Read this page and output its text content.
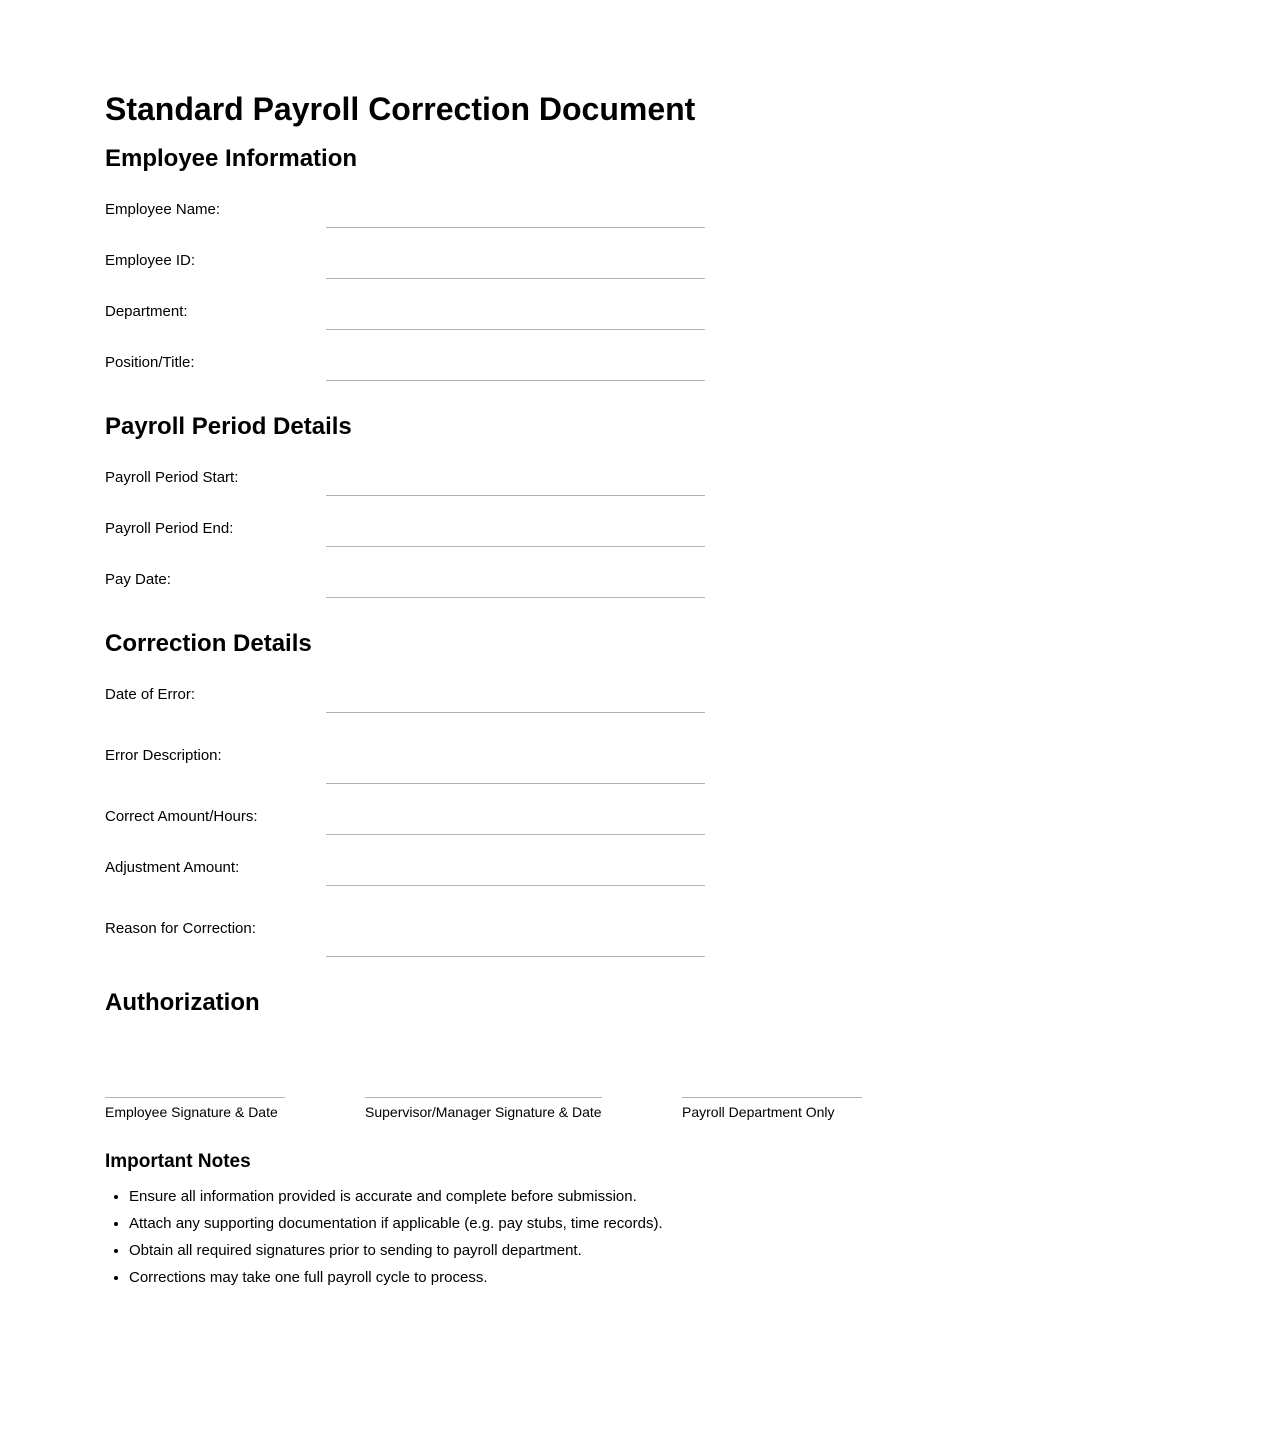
Standard Payroll Correction Document
Employee Information
Employee Name:
Employee ID:
Department:
Position/Title:
Payroll Period Details
Payroll Period Start:
Payroll Period End:
Pay Date:
Correction Details
Date of Error:
Error Description:
Correct Amount/Hours:
Adjustment Amount:
Reason for Correction:
Authorization
Employee Signature & Date	Supervisor/Manager Signature & Date	Payroll Department Only
Important Notes
• Ensure all information provided is accurate and complete before submission.
• Attach any supporting documentation if applicable (e.g. pay stubs, time records).
• Obtain all required signatures prior to sending to payroll department.
• Corrections may take one full payroll cycle to process.
